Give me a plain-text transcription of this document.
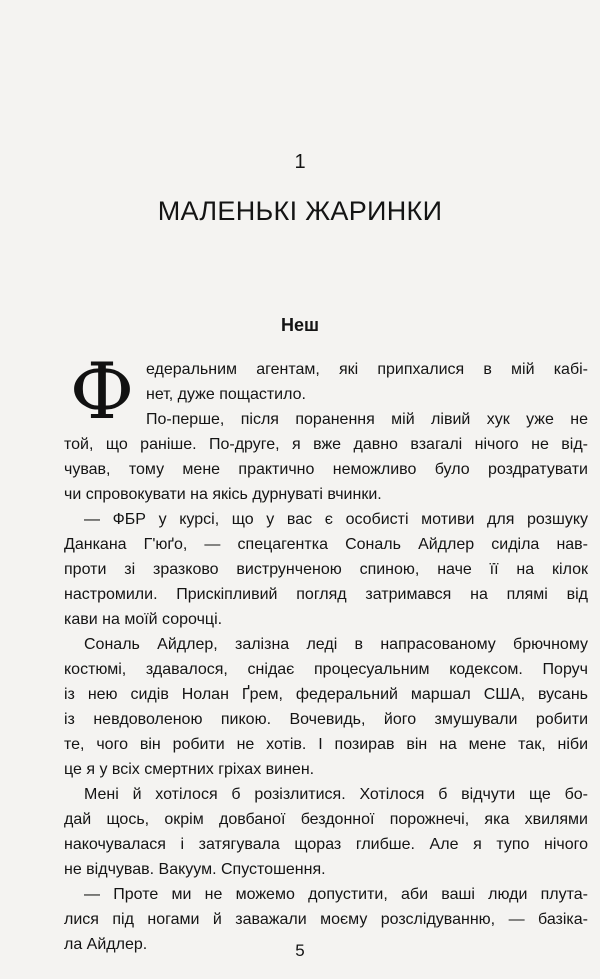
1
МАЛЕНЬКІ ЖАРИНКИ
Неш
Ф едеральним агентам, які припхалися в мій кабі-
нет, дуже пощастило.
По-перше, після поранення мій лівий хук уже не
той, що раніше. По-друге, я вже давно взагалі нічого не від-
чував, тому мене практично неможливо було роздратувати
чи спровокувати на якісь дурнуваті вчинки.
— ФБР у курсі, що у вас є особисті мотиви для розшуку
Данкана Г'юґо, — спецагентка Сональ Айдлер сиділа нав-
проти зі зразково виструнченою спиною, наче її на кілок
настромили. Прискіпливий погляд затримався на плямі від
кави на моїй сорочці.
Сональ Айдлер, залізна леді в напрасованому брючному
костюмі, здавалося, снідає процесуальним кодексом. Поруч
із нею сидів Нолан Ґрем, федеральний маршал США, вусань
із невдоволеною пикою. Вочевидь, його змушували робити
те, чого він робити не хотів. І позирав він на мене так, ніби
це я у всіх смертних гріхах винен.
Мені й хотілося б розізлитися. Хотілося б відчути ще бо-
дай щось, окрім довбаної бездонної порожнечі, яка хвилями
накочувалася і затягувала щораз глибше. Але я тупо нічого
не відчував. Вакуум. Спустошення.
— Проте ми не можемо допустити, аби ваші люди плута-
лися під ногами й заважали моєму розслідуванню, — базіка-
ла Айдлер.	5
